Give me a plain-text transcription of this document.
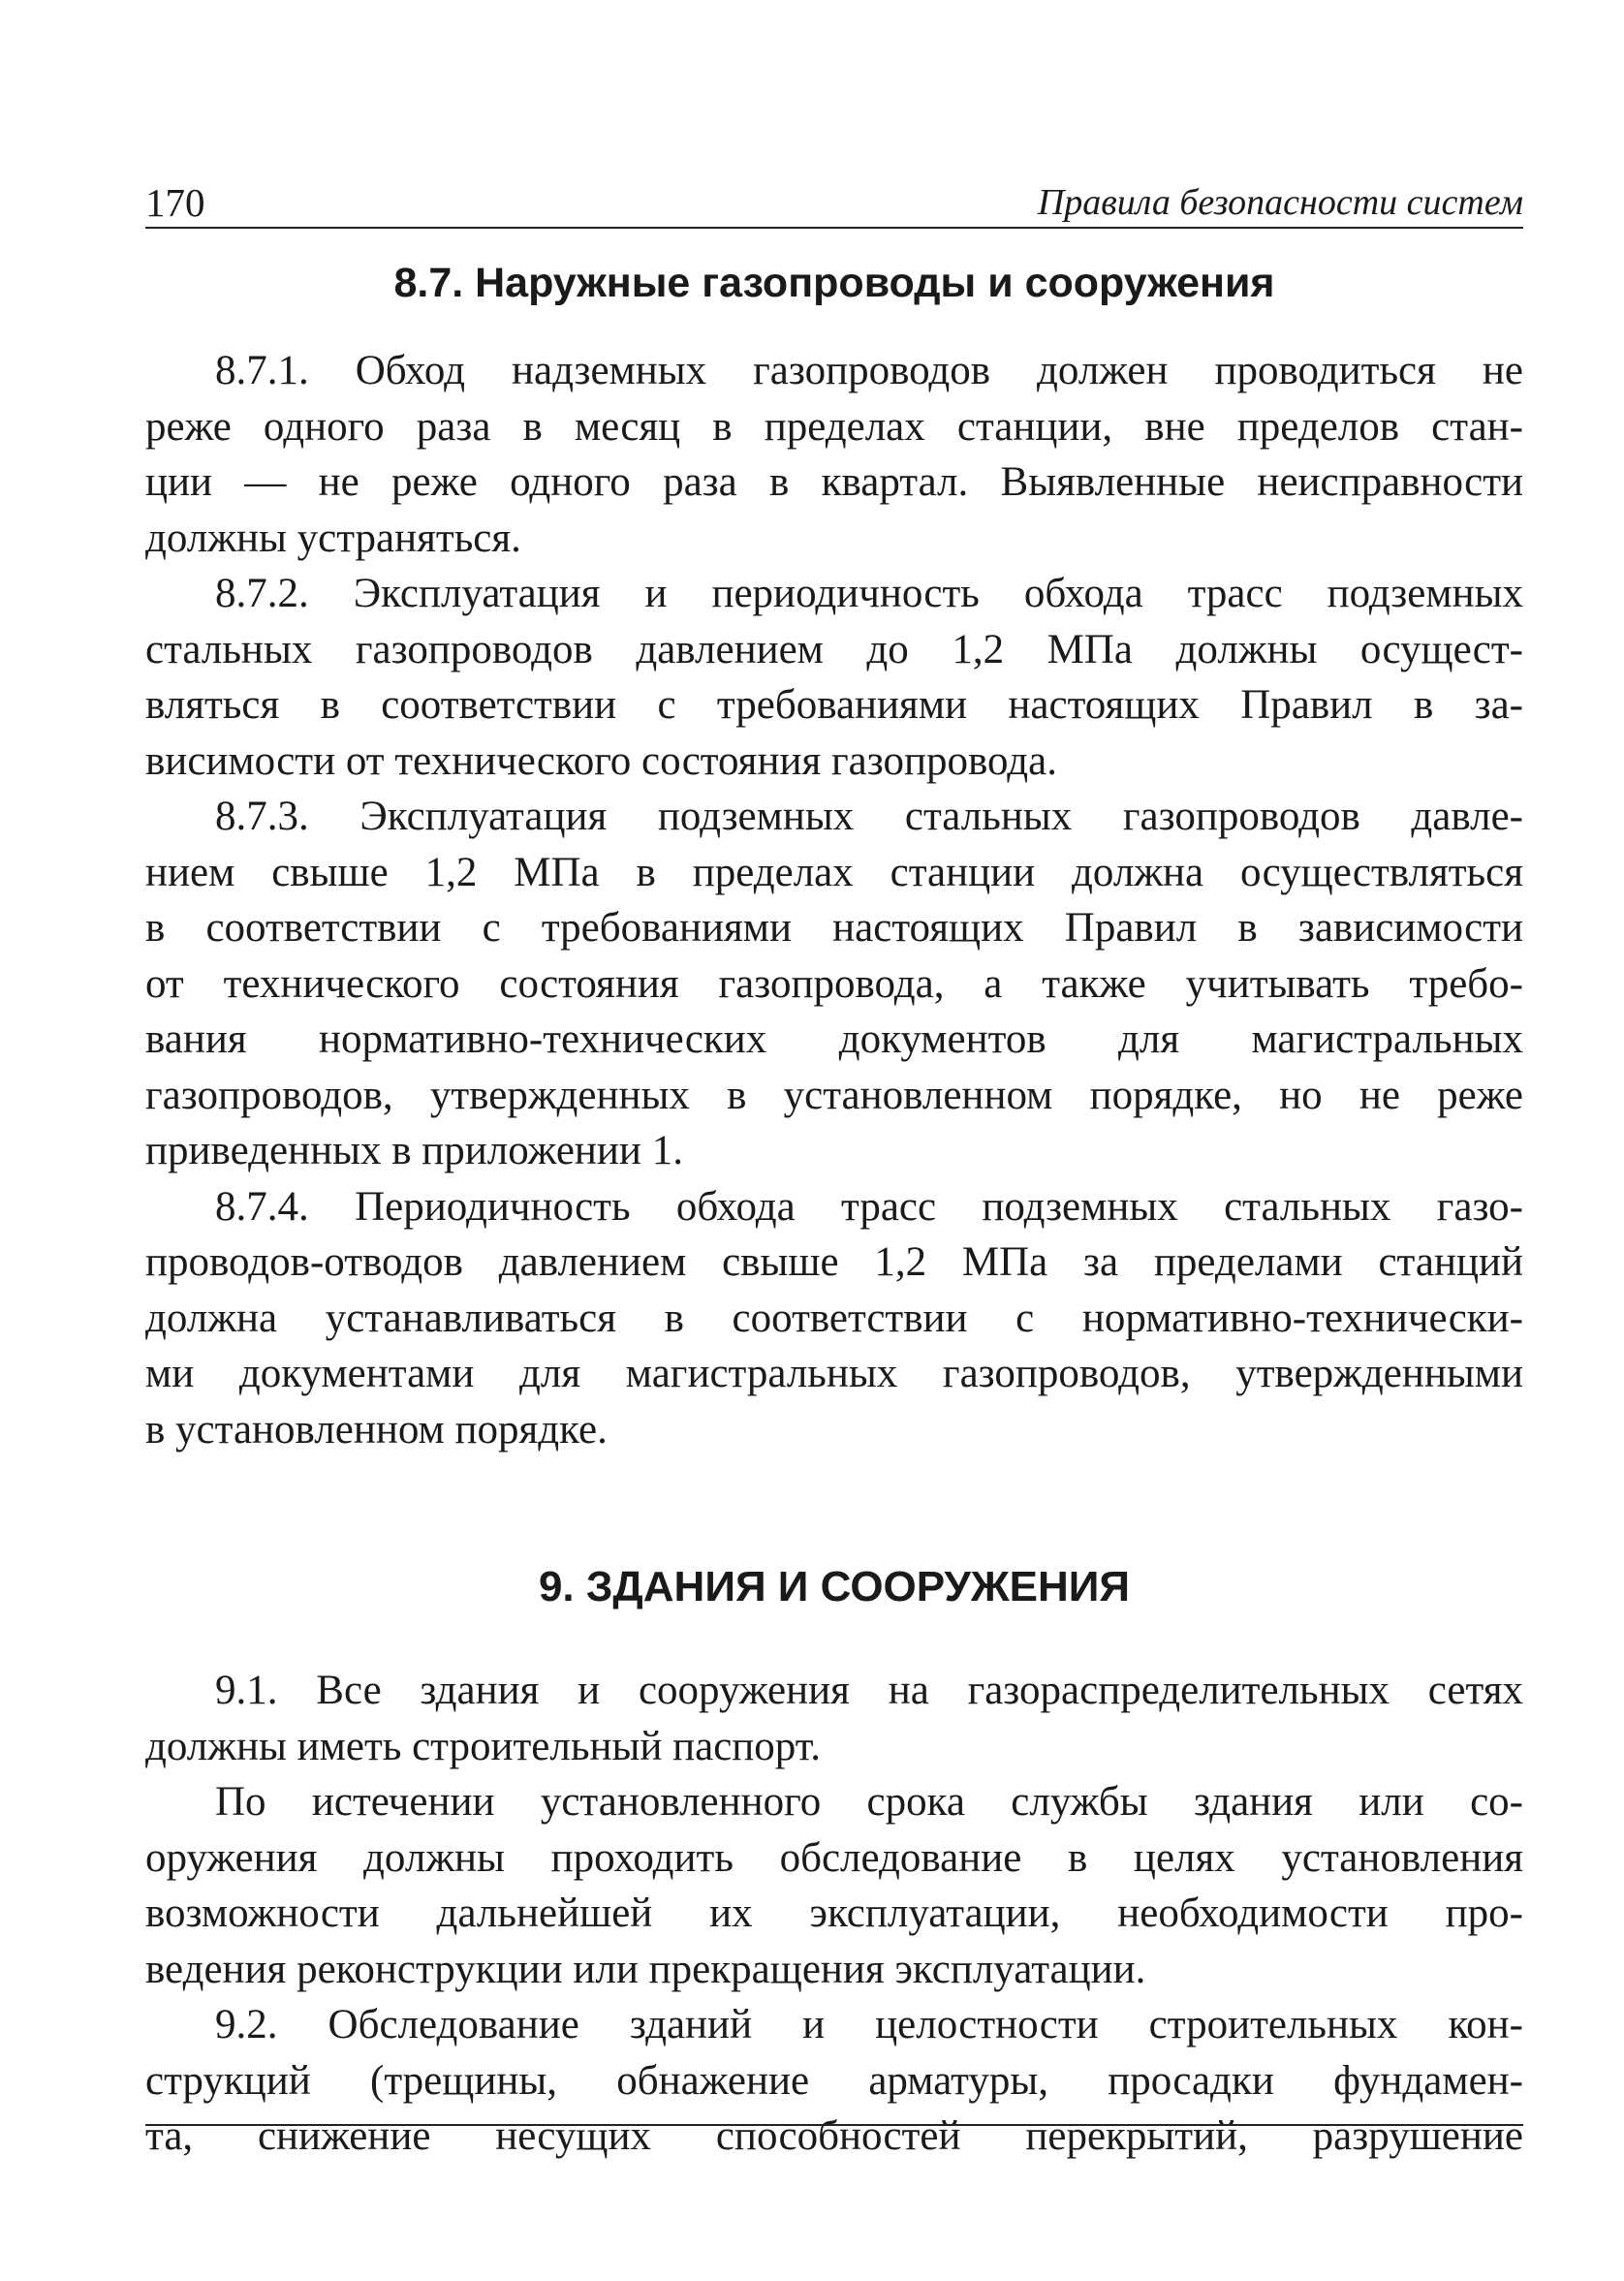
170	Правила безопасности систем
8.7. Наружные газопроводы и сооружения

8.7.1. Обход надземных газопроводов должен проводиться не
реже одного раза в месяц в пределах станции, вне пределов стан-
ции — не реже одного раза в квартал. Выявленные неисправности
должны устраняться.

8.7.2. Эксплуатация и периодичность обхода трасс подземных
стальных газопроводов давлением до 1,2 МПа должны осущест-
вляться в соответствии с требованиями настоящих Правил в за-
висимости от технического состояния газопровода.

8.7.3. Эксплуатация подземных стальных газопроводов давле-
нием свыше 1,2 МПа в пределах станции должна осуществляться
в соответствии с требованиями настоящих Правил в зависимости
от технического состояния газопровода, а также учитывать требо-
вания нормативно-технических документов для магистральных
газопроводов, утвержденных в установленном порядке, но не реже
приведенных в приложении 1.

8.7.4. Периодичность обхода трасс подземных стальных газо-
проводов-отводов давлением свыше 1,2 МПа за пределами станций
должна устанавливаться в соответствии с нормативно-технически-
ми документами для магистральных газопроводов, утвержденными
в установленном порядке.

9. ЗДАНИЯ И СООРУЖЕНИЯ

9.1. Все здания и сооружения на газораспределительных сетях
должны иметь строительный паспорт.

По истечении установленного срока службы здания или со-
оружения должны проходить обследование в целях установления
возможности дальнейшей их эксплуатации, необходимости про-
ведения реконструкции или прекращения эксплуатации.

9.2. Обследование зданий и целостности строительных кон-
струкций (трещины, обнажение арматуры, просадки фундамен-
та, снижение несущих способностей перекрытий, разрушение
